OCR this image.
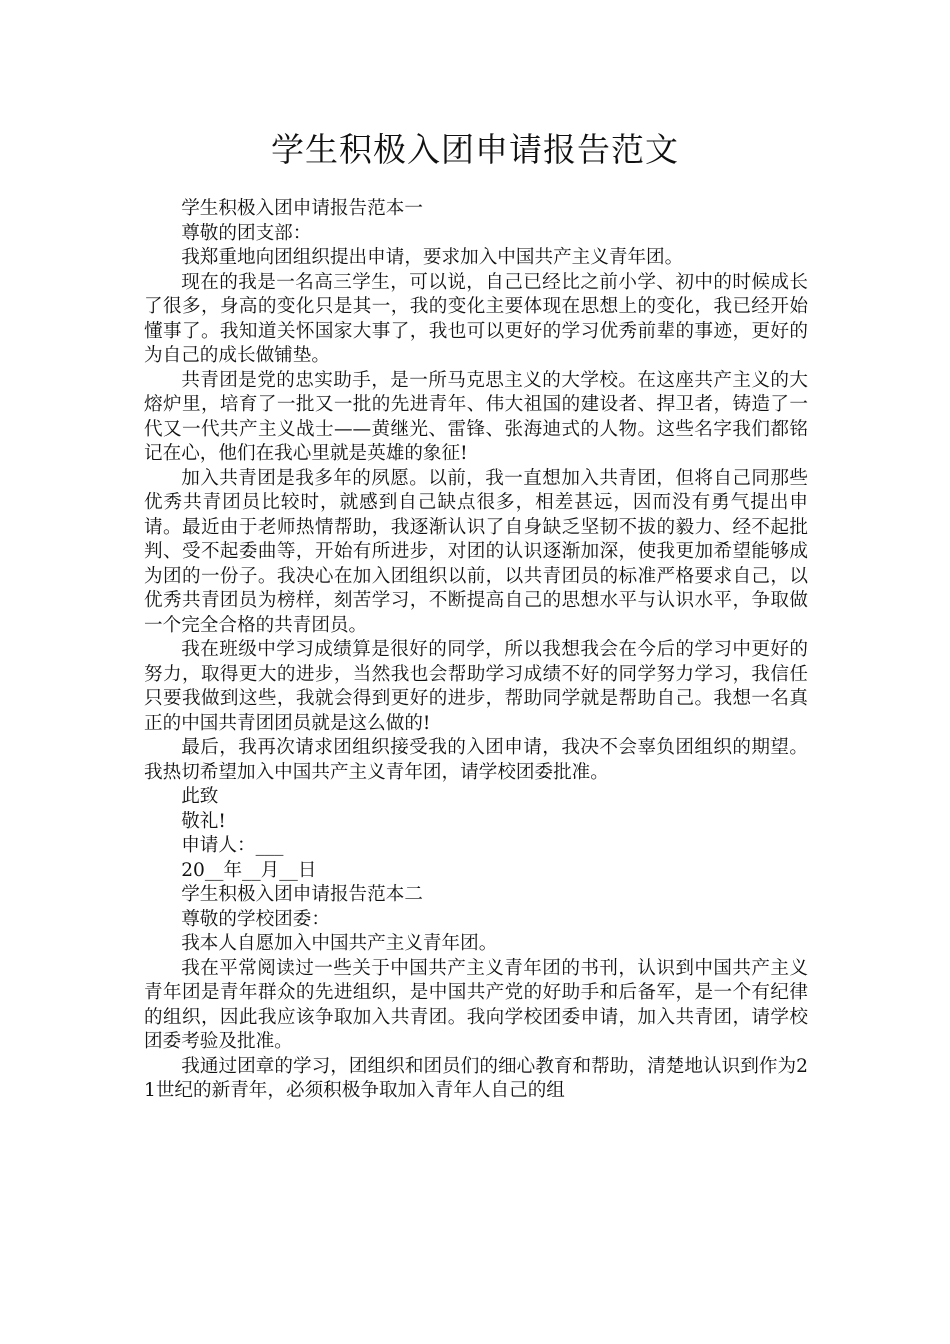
学生积极入团申请报告范文

学生积极入团申请报告范本一

尊敬的团支部：

我郑重地向团组织提出申请，要求加入中国共产主义青年团。

现在的我是一名高三学生，可以说，自己已经比之前小学、初中的时候成长了很多，身高的变化只是其一，我的变化主要体现在思想上的变化，我已经开始懂事了。我知道关怀国家大事了，我也可以更好的学习优秀前辈的事迹，更好的为自己的成长做铺垫。

共青团是党的忠实助手，是一所马克思主义的大学校。在这座共产主义的大熔炉里，培育了一批又一批的先进青年、伟大祖国的建设者、捍卫者，铸造了一代又一代共产主义战士——黄继光、雷锋、张海迪式的人物。这些名字我们都铭记在心，他们在我心里就是英雄的象征!

加入共青团是我多年的夙愿。以前，我一直想加入共青团，但将自己同那些优秀共青团员比较时，就感到自己缺点很多，相差甚远，因而没有勇气提出申请。最近由于老师热情帮助，我逐渐认识了自身缺乏坚韧不拔的毅力、经不起批判、受不起委曲等，开始有所进步，对团的认识逐渐加深，使我更加希望能够成为团的一份子。我决心在加入团组织以前，以共青团员的标准严格要求自己，以优秀共青团员为榜样，刻苦学习，不断提高自己的思想水平与认识水平，争取做一个完全合格的共青团员。

我在班级中学习成绩算是很好的同学，所以我想我会在今后的学习中更好的努力，取得更大的进步，当然我也会帮助学习成绩不好的同学努力学习，我信任只要我做到这些，我就会得到更好的进步，帮助同学就是帮助自己。我想一名真正的中国共青团团员就是这么做的!

最后，我再次请求团组织接受我的入团申请，我决不会辜负团组织的期望。我热切希望加入中国共产主义青年团，请学校团委批准。

此致

敬礼!

申请人：___

20__年__月__日

学生积极入团申请报告范本二

尊敬的学校团委：

我本人自愿加入中国共产主义青年团。

我在平常阅读过一些关于中国共产主义青年团的书刊，认识到中国共产主义青年团是青年群众的先进组织，是中国共产党的好助手和后备军，是一个有纪律的组织，因此我应该争取加入共青团。我向学校团委申请，加入共青团，请学校团委考验及批准。

我通过团章的学习，团组织和团员们的细心教育和帮助，清楚地认识到作为21世纪的新青年，必须积极争取加入青年人自己的组
